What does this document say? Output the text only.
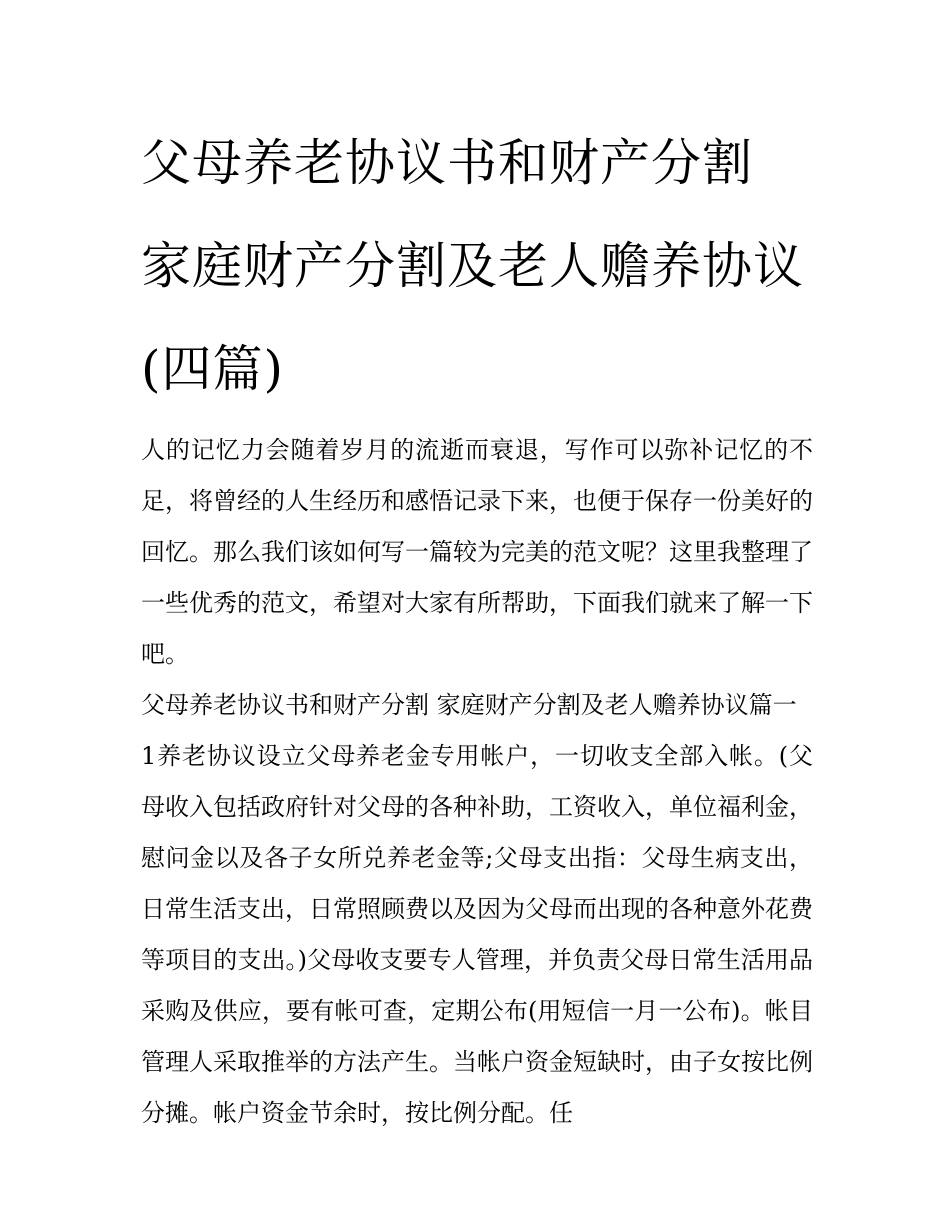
父母养老协议书和财产分割 家庭财产分割及老人赡养协议(四篇)

人的记忆力会随着岁月的流逝而衰退，写作可以弥补记忆的不足，将曾经的人生经历和感悟记录下来，也便于保存一份美好的回忆。那么我们该如何写一篇较为完美的范文呢？这里我整理了一些优秀的范文，希望对大家有所帮助，下面我们就来了解一下吧。

父母养老协议书和财产分割 家庭财产分割及老人赡养协议篇一

1养老协议设立父母养老金专用帐户，一切收支全部入帐。(父母收入包括政府针对父母的各种补助，工资收入，单位福利金，慰问金以及各子女所兑养老金等;父母支出指：父母生病支出，日常生活支出，日常照顾费以及因为父母而出现的各种意外花费等项目的支出。)父母收支要专人管理，并负责父母日常生活用品采购及供应，要有帐可查，定期公布(用短信一月一公布)。帐目管理人采取推举的方法产生。当帐户资金短缺时，由子女按比例分摊。帐户资金节余时，按比例分配。任
